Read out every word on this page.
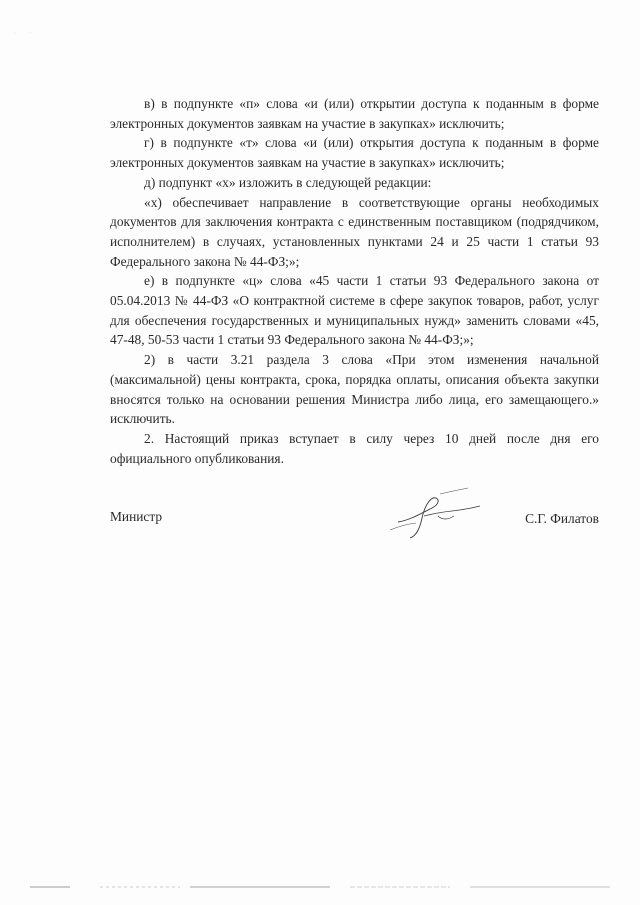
· ·

в) в подпункте «п» слова «и (или) открытии доступа к поданным в форме электронных документов заявкам на участие в закупках» исключить;

г) в подпункте «т» слова «и (или) открытия доступа к поданным в форме электронных документов заявкам на участие в закупках» исключить;

д) подпункт «х» изложить в следующей редакции:

«х) обеспечивает направление в соответствующие органы необходимых документов для заключения контракта с единственным поставщиком (подрядчиком, исполнителем) в случаях, установленных пунктами 24 и 25 части 1 статьи 93 Федерального закона № 44-ФЗ;»;

е) в подпункте «ц» слова «45 части 1 статьи 93 Федерального закона от 05.04.2013 № 44-ФЗ «О контрактной системе в сфере закупок товаров, работ, услуг для обеспечения государственных и муниципальных нужд» заменить словами «45, 47-48, 50-53 части 1 статьи 93 Федерального закона № 44-ФЗ;»;

2) в части 3.21 раздела 3 слова «При этом изменения начальной (максимальной) цены контракта, срока, порядка оплаты, описания объекта закупки вносятся только на основании решения Министра либо лица, его замещающего.» исключить.

2. Настоящий приказ вступает в силу через 10 дней после дня его официального опубликования.

Министр	С.Г. Филатов
